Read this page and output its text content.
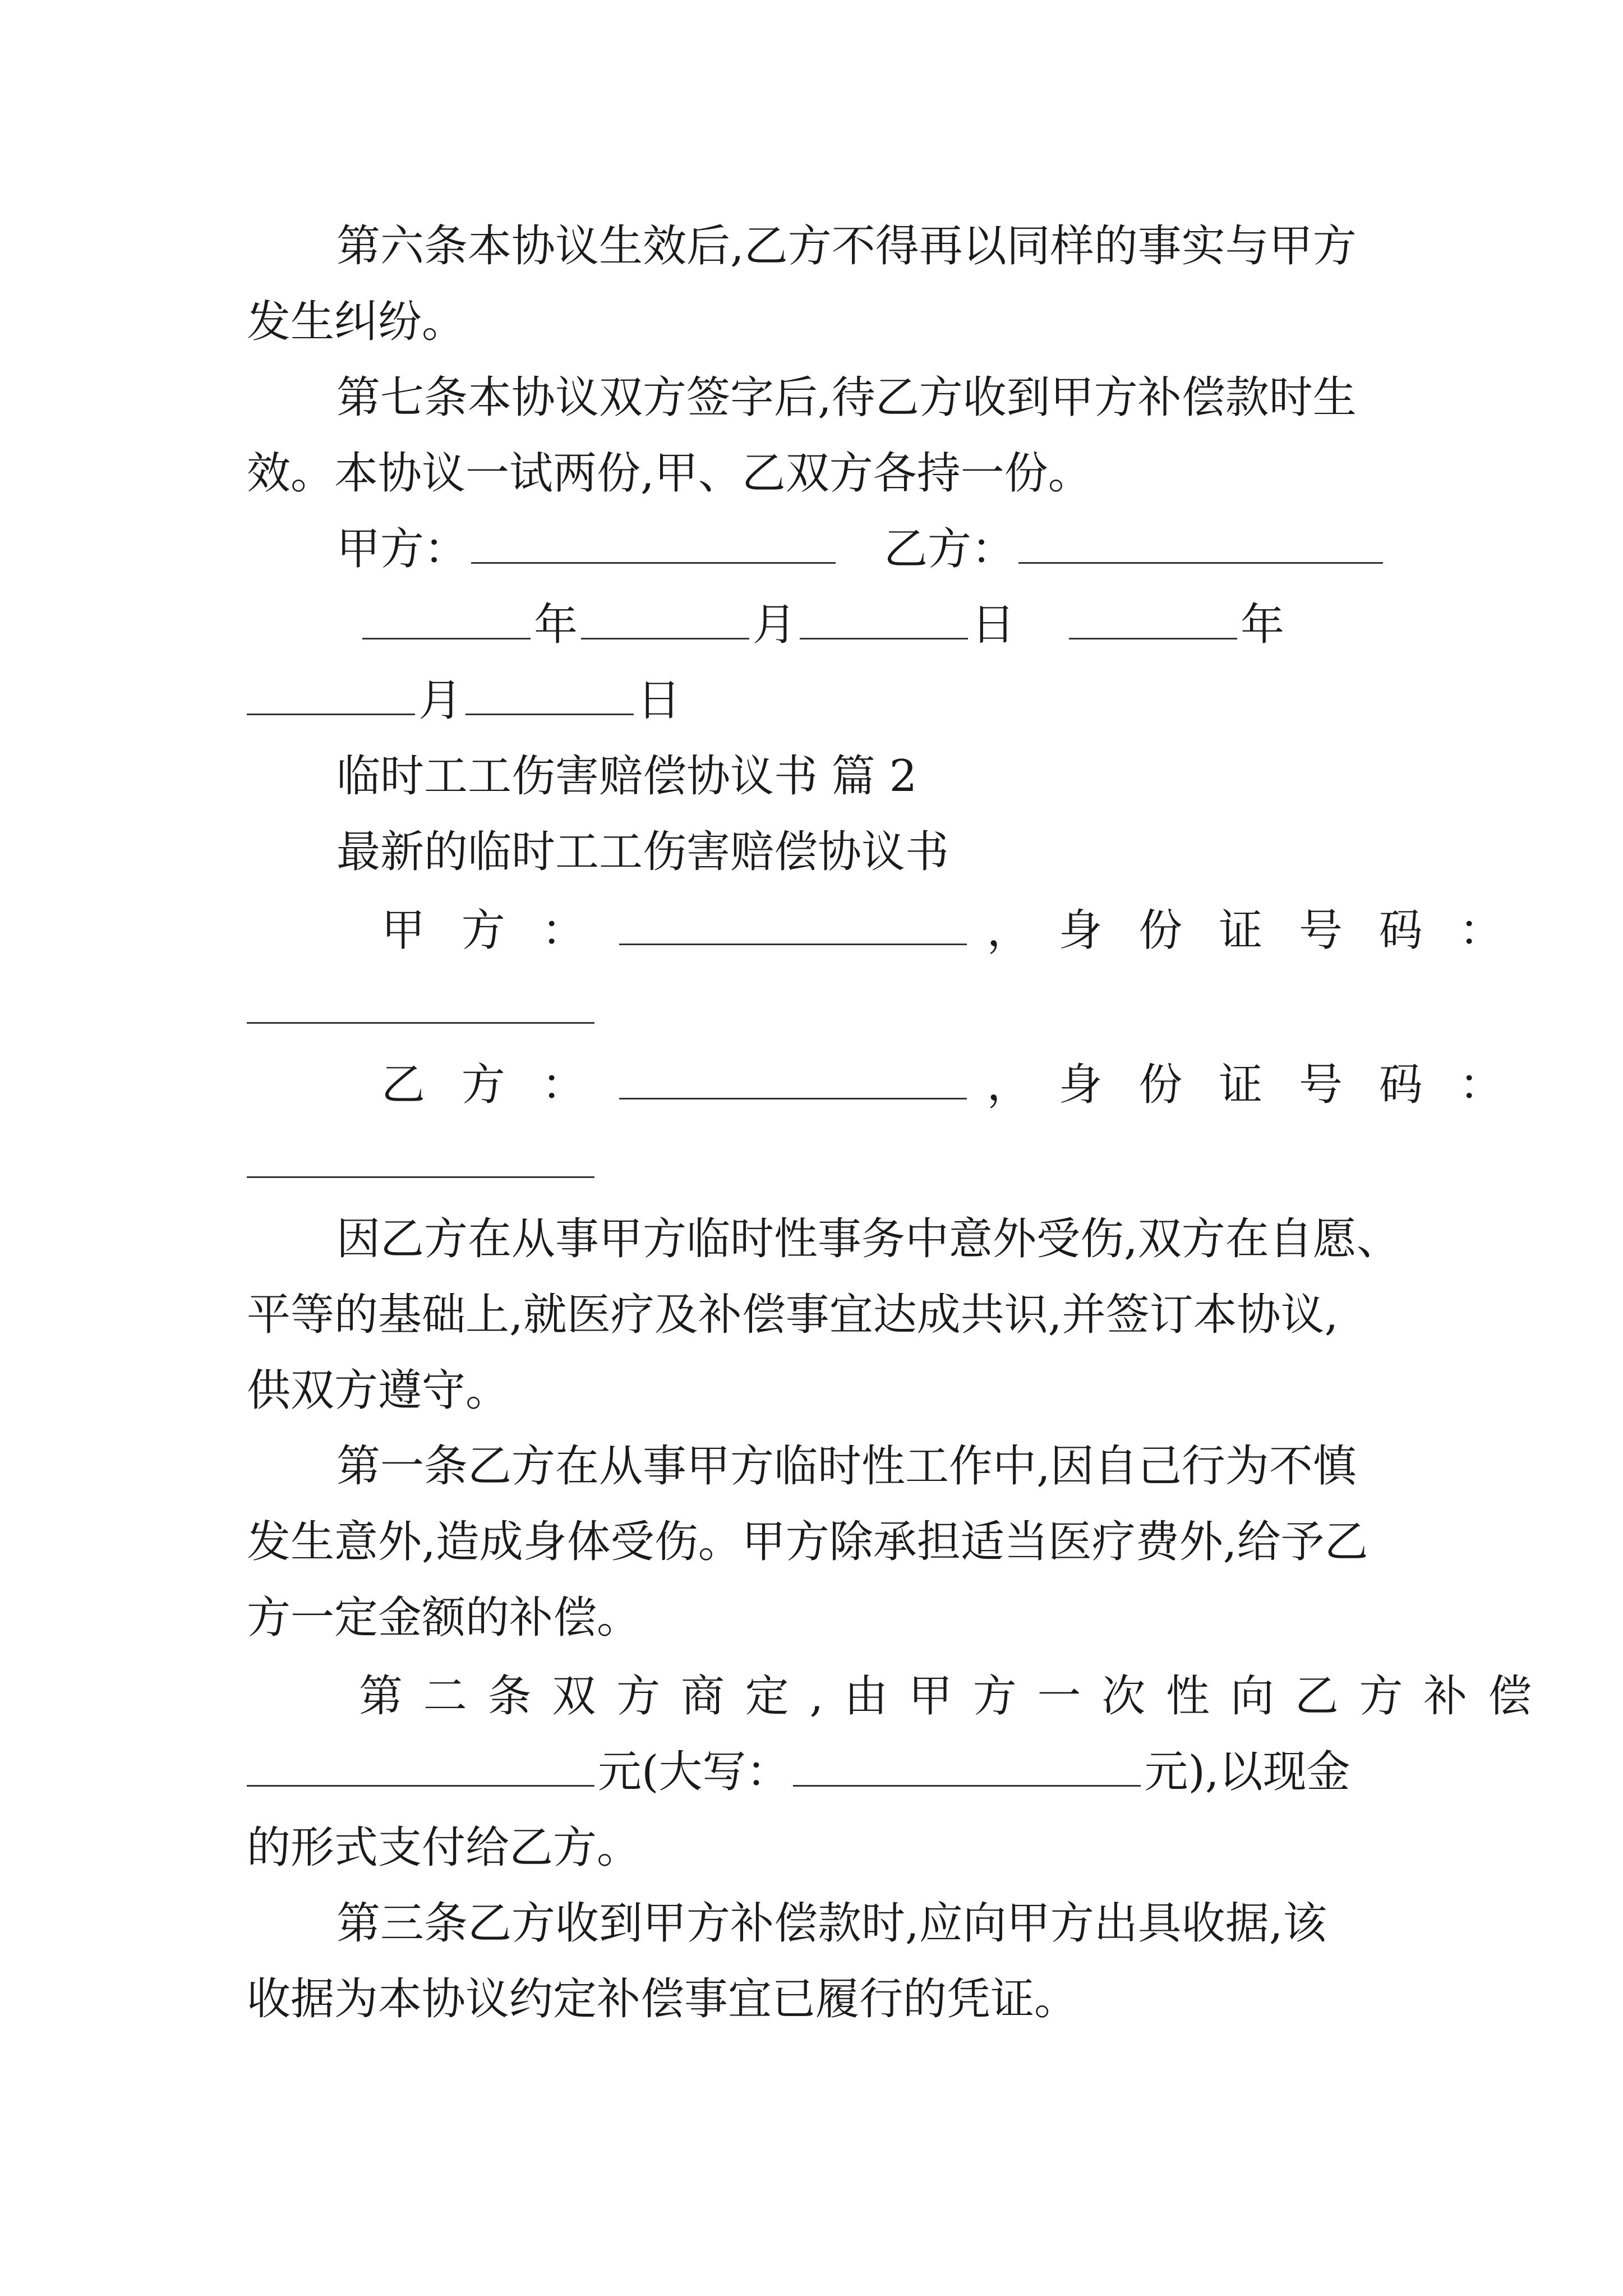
第六条本协议生效后,乙方不得再以同样的事实与甲方
发生纠纷。
第七条本协议双方签字后,待乙方收到甲方补偿款时生
效。本协议一试两份,甲、乙双方各持一份。
甲方：	乙方：
年	月	日	年
月	日
临时工工伤害赔偿协议书 篇 2
最新的临时工工伤害赔偿协议书
甲 方 ：	， 身 份 证 号 码 ：
乙 方 ：	， 身 份 证 号 码 ：
因乙方在从事甲方临时性事务中意外受伤,双方在自愿、
平等的基础上,就医疗及补偿事宜达成共识,并签订本协议,
供双方遵守。
第一条乙方在从事甲方临时性工作中,因自己行为不慎
发生意外,造成身体受伤。甲方除承担适当医疗费外,给予乙
方一定金额的补偿。
第 二 条 双 方 商 定 , 由 甲 方 一 次 性 向 乙 方 补 偿
元(大写：	元),以现金
的形式支付给乙方。
第三条乙方收到甲方补偿款时,应向甲方出具收据,该
收据为本协议约定补偿事宜已履行的凭证。
